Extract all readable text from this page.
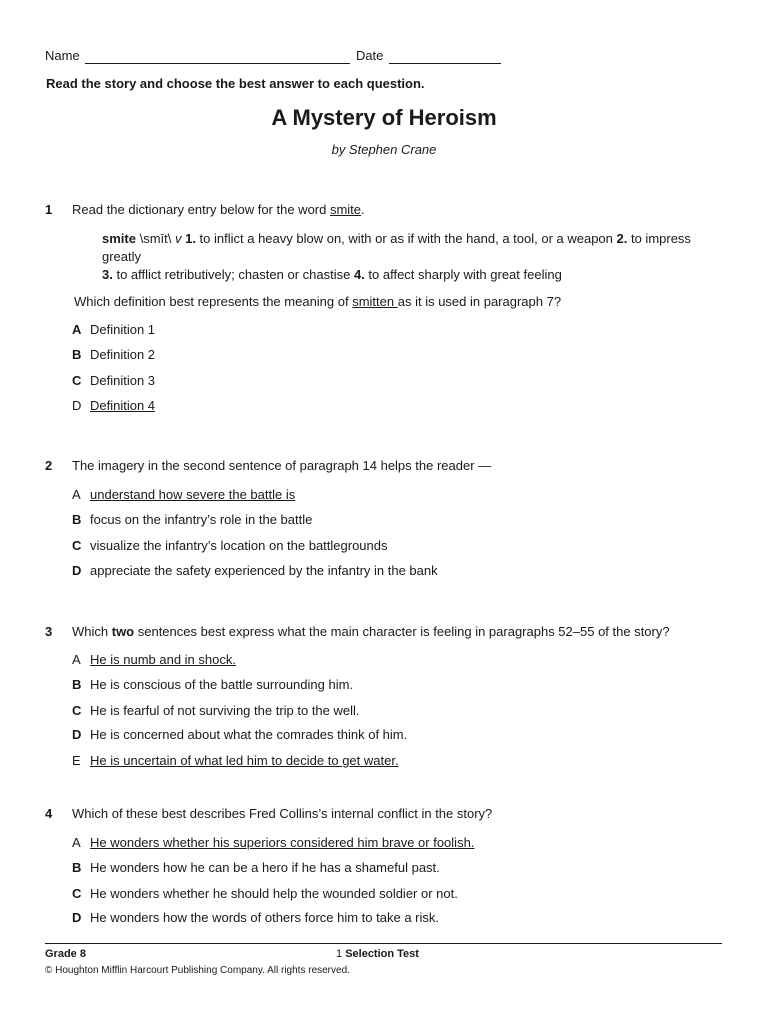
Name	Date
Read the story and choose the best answer to each question.
A Mystery of Heroism
by Stephen Crane
1 Read the dictionary entry below for the word smite.
smite \smīt\ v 1. to inflict a heavy blow on, with or as if with the hand, a tool, or a weapon 2. to impress greatly
3. to afflict retributively; chasten or chastise 4. to affect sharply with great feeling
Which definition best represents the meaning of smitten as it is used in paragraph 7?
A Definition 1
B Definition 2
C Definition 3
D Definition 4
2 The imagery in the second sentence of paragraph 14 helps the reader —
A understand how severe the battle is
B focus on the infantry’s role in the battle
C visualize the infantry’s location on the battlegrounds
D appreciate the safety experienced by the infantry in the bank
3 Which two sentences best express what the main character is feeling in paragraphs 52–55 of the story?
A He is numb and in shock.
B He is conscious of the battle surrounding him.
C He is fearful of not surviving the trip to the well.
D He is concerned about what the comrades think of him.
E He is uncertain of what led him to decide to get water.
4 Which of these best describes Fred Collins’s internal conflict in the story?
A He wonders whether his superiors considered him brave or foolish.
B He wonders how he can be a hero if he has a shameful past.
C He wonders whether he should help the wounded soldier or not.
D He wonders how the words of others force him to take a risk.
Grade 8	1 Selection Test
© Houghton Mifflin Harcourt Publishing Company. All rights reserved.
